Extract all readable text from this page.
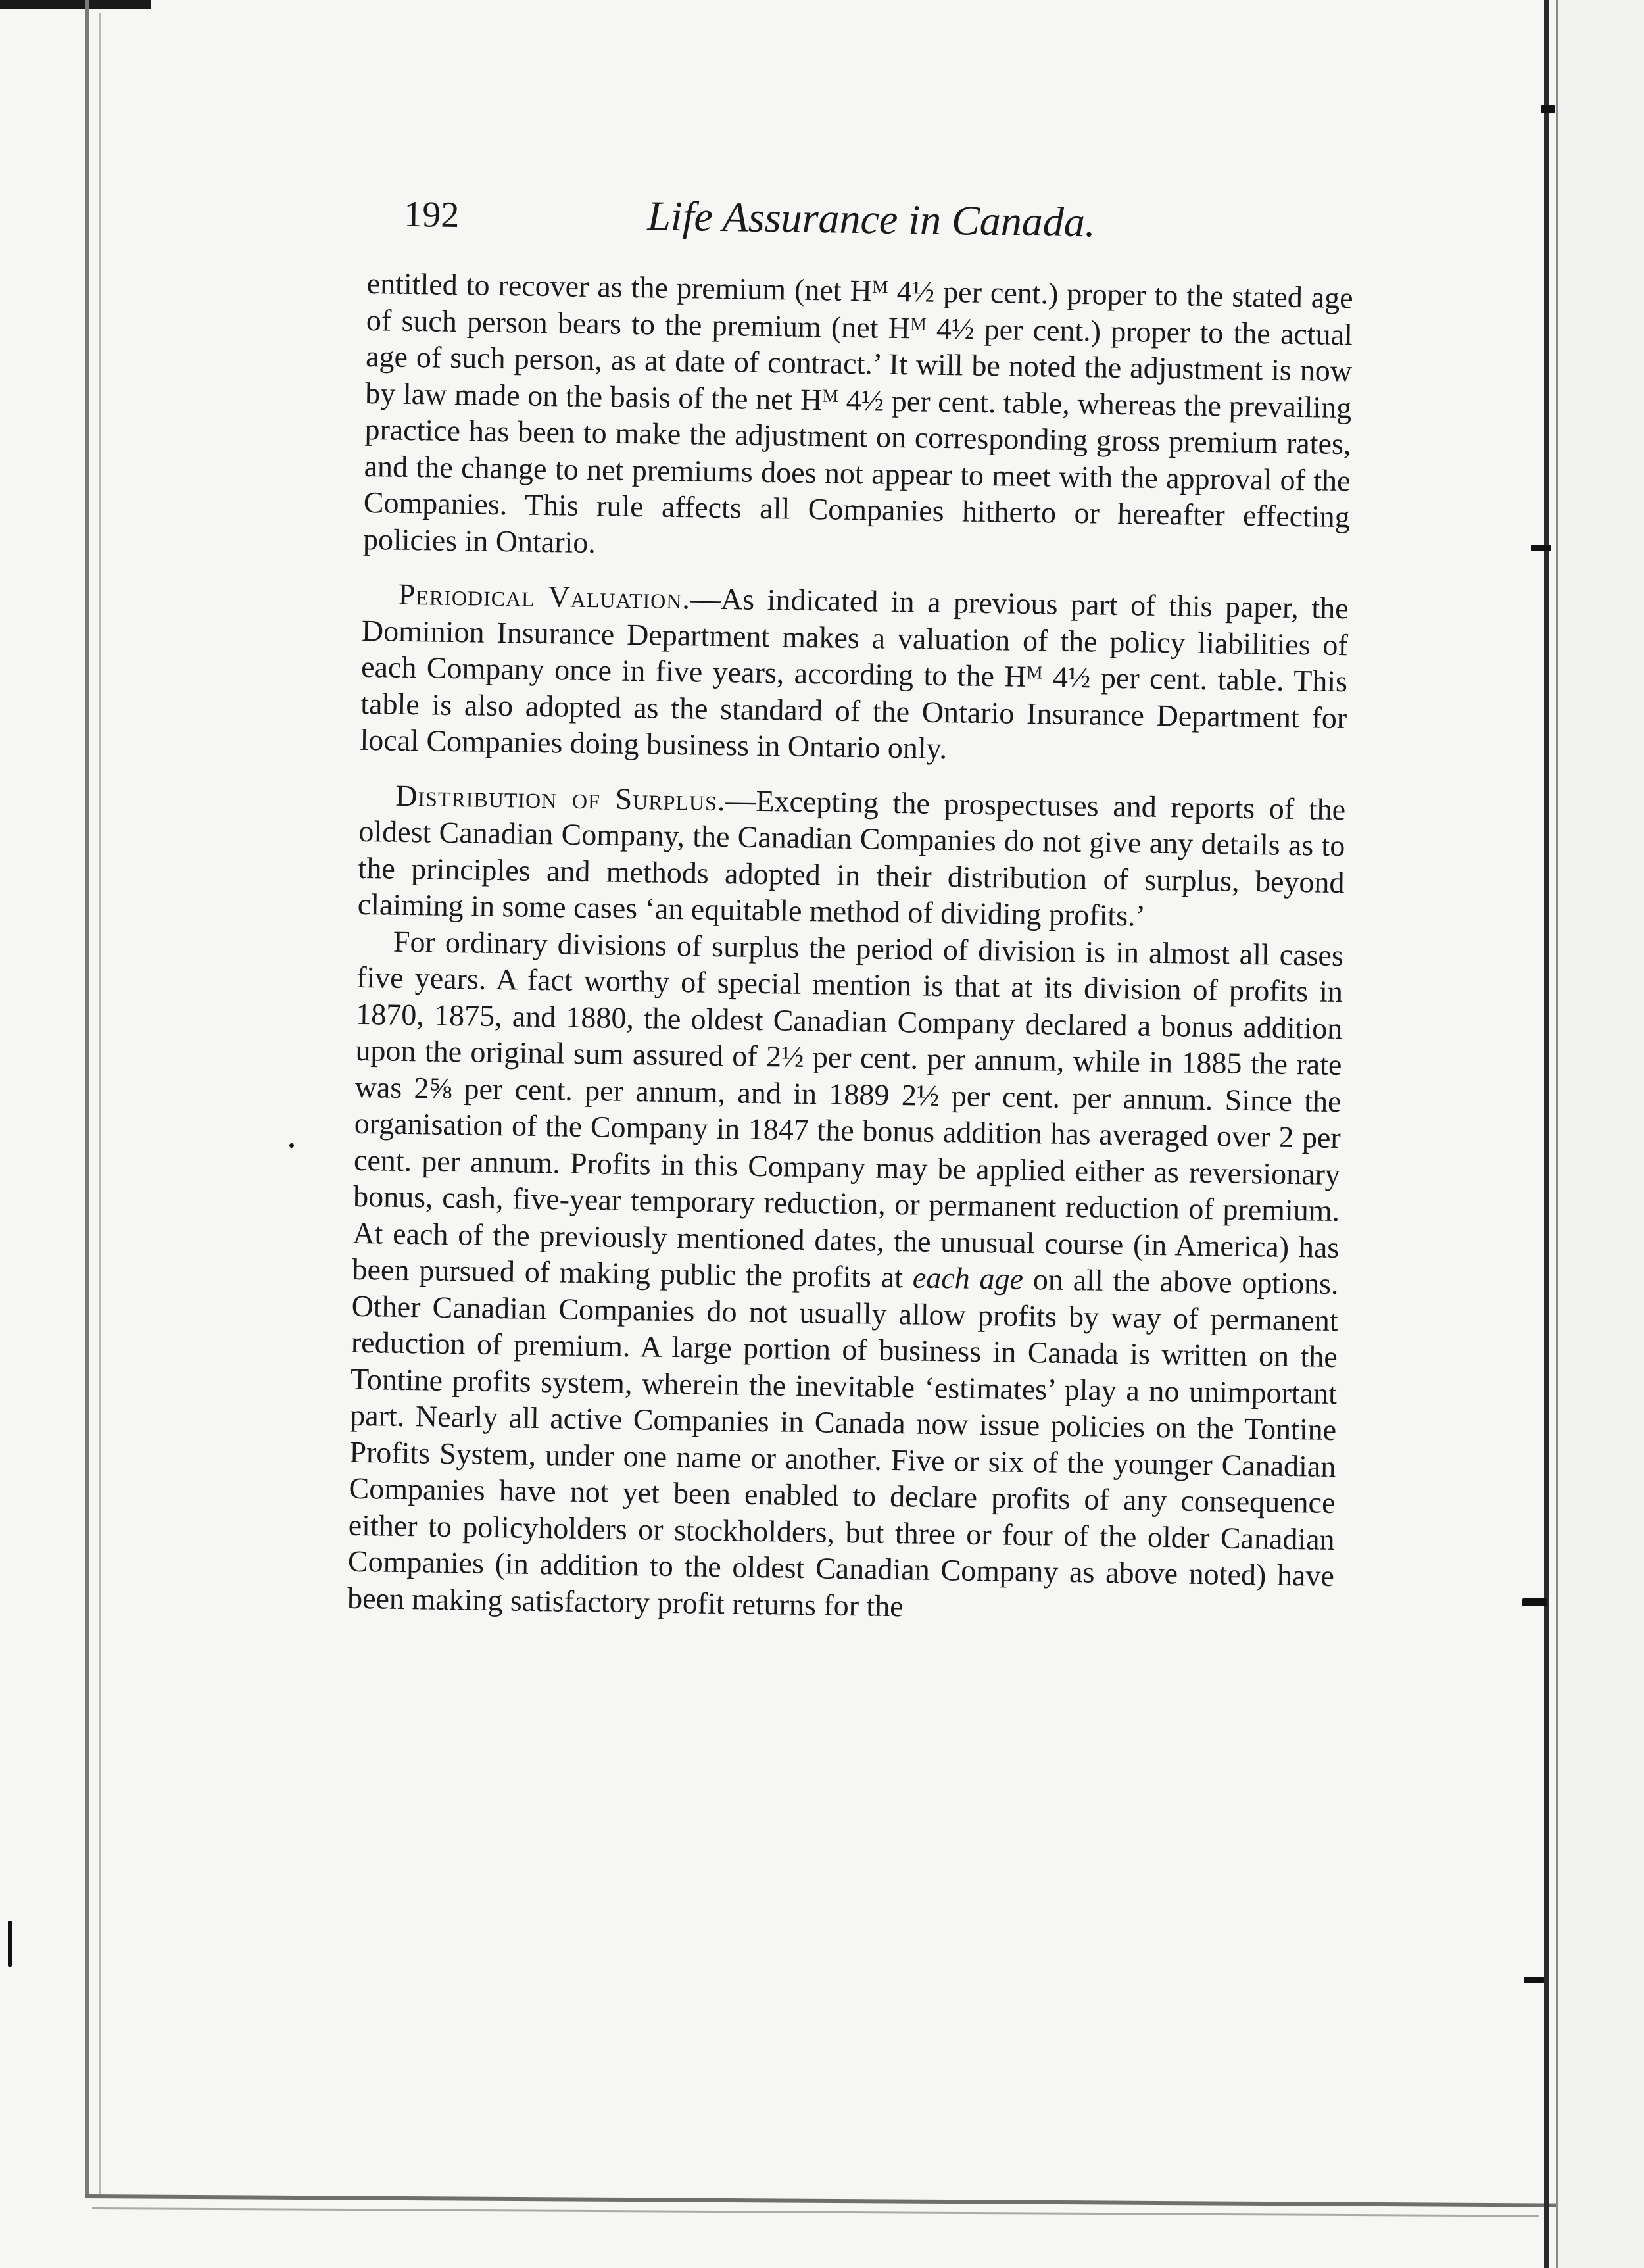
192	Life Assurance in Canada.

entitled to recover as the premium (net Hᴹ 4½ per cent.) proper to the stated age of such person bears to the premium (net Hᴹ 4½ per cent.) proper to the actual age of such person, as at date of contract.’ It will be noted the adjustment is now by law made on the basis of the net Hᴹ 4½ per cent. table, whereas the prevailing practice has been to make the adjustment on corresponding gross premium rates, and the change to net premiums does not appear to meet with the approval of the Companies. This rule affects all Companies hitherto or hereafter effecting policies in Ontario.

Periodical Valuation.—As indicated in a previous part of this paper, the Dominion Insurance Department makes a valuation of the policy liabilities of each Company once in five years, according to the Hᴹ 4½ per cent. table. This table is also adopted as the standard of the Ontario Insurance Department for local Companies doing business in Ontario only.

Distribution of Surplus.—Excepting the prospectuses and reports of the oldest Canadian Company, the Canadian Companies do not give any details as to the principles and methods adopted in their distribution of surplus, beyond claiming in some cases ‘an equitable method of dividing profits.’

For ordinary divisions of surplus the period of division is in almost all cases five years. A fact worthy of special mention is that at its division of profits in 1870, 1875, and 1880, the oldest Canadian Company declared a bonus addition upon the original sum assured of 2½ per cent. per annum, while in 1885 the rate was 2⅝ per cent. per annum, and in 1889 2½ per cent. per annum. Since the organisation of the Company in 1847 the bonus addition has averaged over 2 per cent. per annum. Profits in this Company may be applied either as reversionary bonus, cash, five-year temporary reduction, or permanent reduction of premium. At each of the previously mentioned dates, the unusual course (in America) has been pursued of making public the profits at each age on all the above options. Other Canadian Companies do not usually allow profits by way of permanent reduction of premium. A large portion of business in Canada is written on the Tontine profits system, wherein the inevitable ‘estimates’ play a no unimportant part. Nearly all active Companies in Canada now issue policies on the Tontine Profits System, under one name or another. Five or six of the younger Canadian Companies have not yet been enabled to declare profits of any consequence either to policyholders or stockholders, but three or four of the older Canadian Companies (in addition to the oldest Canadian Company as above noted) have been making satisfactory profit returns for the
